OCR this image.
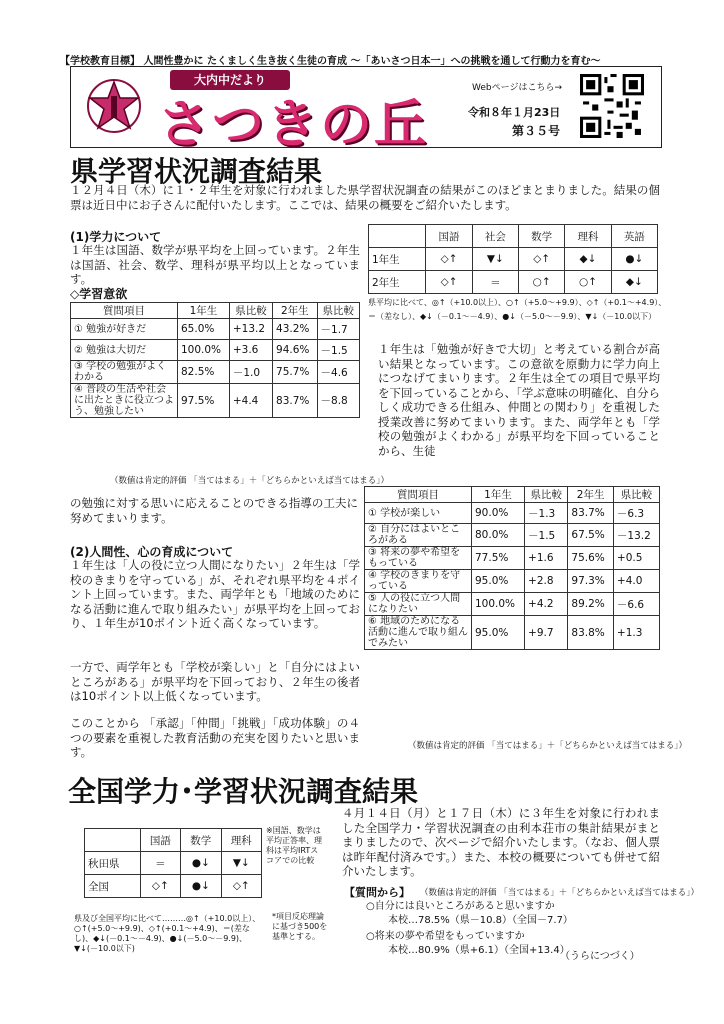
【学校教育目標】 人間性豊かに たくましく生き抜く生徒の育成 ～「あいさつ日本一」への挑戦を通して行動力を育む～
大内中だより
さつきの丘
Webページはこちら→
令和８年１月23日
第３５号
県学習状況調査結果
１２月４日（木）に１・２年生を対象に行われました県学習状況調査の結果がこのほどまとまりました。結果の個票は近日中にお子さんに配付いたします。ここでは、結果の概要をご紹介いたします。
(1)学力について
１年生は国語、数学が県平均を上回っています。２年生は国語、社会、数学、理科が県平均以上となっています。
◇学習意欲
	国語	社会	数学	理科	英語
1年生	◇↑	▼↓	◇↑	◆↓	●↓
2年生	◇↑	＝	○↑	○↑	◆↓
県平均に比べて、◎↑（+10.0以上）、○↑（+5.0～+9.9）、◇↑（+0.1～+4.9）、
＝（差なし）、◆↓（－0.1～－4.9）、●↓（－5.0～－9.9）、▼↓（－10.0以下）
質問項目	1年生	県比較	2年生	県比較
① 勉強が好きだ	65.0%	+13.2	43.2%	－1.7
② 勉強は大切だ	100.0%	+3.6	94.6%	－1.5
③ 学校の勉強がよくわかる	82.5%	－1.0	75.7%	－4.6
④ 普段の生活や社会に出たときに役立つよう、勉強したい	97.5%	+4.4	83.7%	－8.8
（数値は肯定的評価 「当てはまる」＋「どちらかといえば当てはまる」）
１年生は「勉強が好きで大切」と考えている割合が高い結果となっています。この意欲を原動力に学力向上につなげてまいります。２年生は全ての項目で県平均を下回っていることから、「学ぶ意味の明確化、自分らしく成功できる仕組み、仲間との関わり」を重視した授業改善に努めてまいります。また、両学年とも「学校の勉強がよくわかる」が県平均を下回っていることから、生徒
の勉強に対する思いに応えることのできる指導の工夫に努めてまいります。
(2)人間性、心の育成について
１年生は「人の役に立つ人間になりたい」２年生は「学校のきまりを守っている」が、それぞれ県平均を４ポイント上回っています。また、両学年とも「地域のためになる活動に進んで取り組みたい」が県平均を上回っており、１年生が10ポイント近く高くなっています。
一方で、両学年とも「学校が楽しい」と「自分にはよいところがある」が県平均を下回っており、２年生の後者は10ポイント以上低くなっています。
このことから 「承認」「仲間」「挑戦」「成功体験」の４つの要素を重視した教育活動の充実を図りたいと思います。
質問項目	1年生	県比較	2年生	県比較
① 学校が楽しい	90.0%	－1.3	83.7%	－6.3
② 自分にはよいところがある	80.0%	－1.5	67.5%	－13.2
③ 将来の夢や希望をもっている	77.5%	+1.6	75.6%	+0.5
④ 学校のきまりを守っている	95.0%	+2.8	97.3%	+4.0
⑤ 人の役に立つ人間になりたい	100.0%	+4.2	89.2%	－6.6
⑥ 地域のためになる活動に進んで取り組んでみたい	95.0%	+9.7	83.8%	+1.3
（数値は肯定的評価 「当てはまる」＋「どちらかといえば当てはまる」）
全国学力･学習状況調査結果
４月１４日（月）と１７日（木）に３年生を対象に行われました全国学力・学習状況調査の由利本荘市の集計結果がまとまりましたので、次ページで紹介いたします。（なお、個人票は昨年配付済みです。）また、本校の概要についても併せて紹介いたします。
	国語	数学	理科
秋田県	＝	●↓	▼↓
全国	◇↑	●↓	◇↑
※国語、数学は平均正答率、理科は平均IRTスコアでの比較
*項目反応理論に基づき500を基準とする。
県及び全国平均に比べて………◎↑（+10.0以上）、○↑(+5.0～+9.9)、◇↑(+0.1～+4.9)、＝(差なし)、◆↓(－0.1～－4.9)、●↓(－5.0～－9.9)、▼↓(－10.0以下)
【質問から】 （数値は肯定的評価 「当てはまる」＋「どちらかといえば当てはまる」）
○自分には良いところがあると思いますか
本校…78.5%（県－10.8）（全国－7.7）
○将来の夢や希望をもっていますか
本校…80.9%（県+6.1）（全国+13.4）
（うらにつづく）
